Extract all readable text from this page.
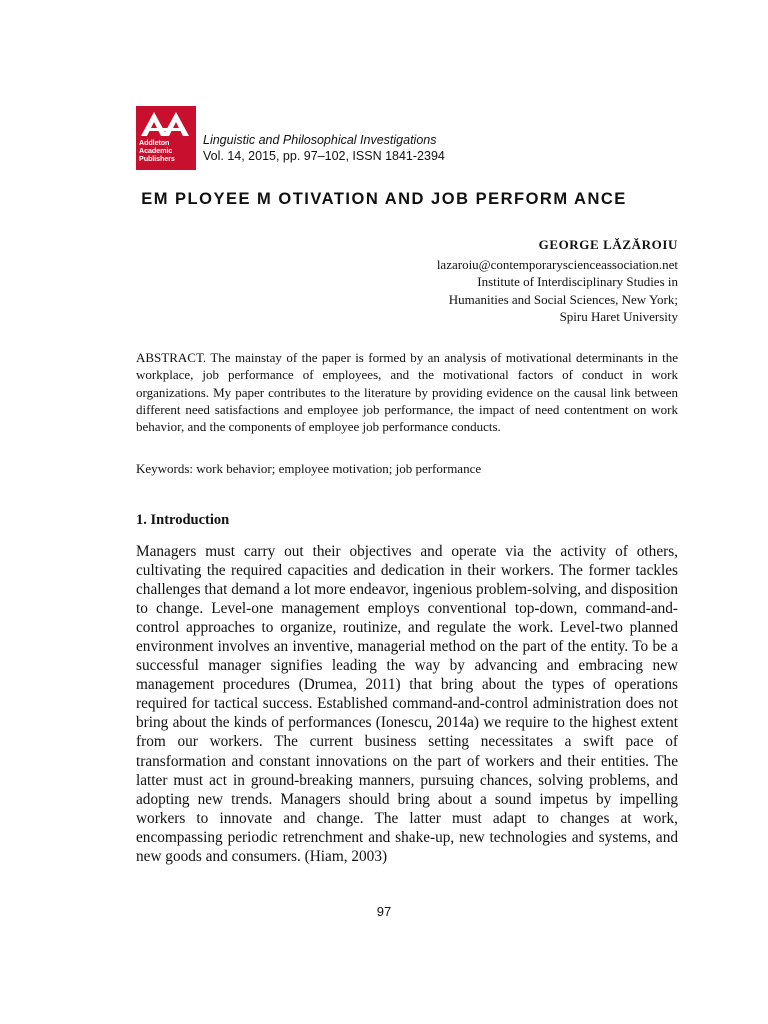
Addleton
Academic
Publishers
Linguistic and Philosophical Investigations
Vol. 14, 2015, pp. 97–102, ISSN 1841-2394
EM PLOYEE M OTIVATION AND JOB PERFORM ANCE
GEORGE LĂZĂROIU
lazaroiu@contemporaryscienceassociation.net
Institute of Interdisciplinary Studies in
Humanities and Social Sciences, New York;
Spiru Haret University
ABSTRACT. The mainstay of the paper is formed by an analysis of motivational determinants in the workplace, job performance of employees, and the motivational factors of conduct in work organizations. My paper contributes to the literature by providing evidence on the causal link between different need satisfactions and employee job performance, the impact of need contentment on work behavior, and the components of employee job performance conducts.
Keywords: work behavior; employee motivation; job performance
1. Introduction
Managers must carry out their objectives and operate via the activity of others, cultivating the required capacities and dedication in their workers. The former tackles challenges that demand a lot more endeavor, ingenious problem-solving, and disposition to change. Level-one management employs conventional top-down, command-and-control approaches to organize, routinize, and regulate the work. Level-two planned environment involves an inventive, managerial method on the part of the entity. To be a successful manager signifies leading the way by advancing and embracing new management procedures (Drumea, 2011) that bring about the types of operations required for tactical success. Established command-and-control administration does not bring about the kinds of performances (Ionescu, 2014a) we require to the highest extent from our workers. The current business setting necessitates a swift pace of transformation and constant innovations on the part of workers and their entities. The latter must act in ground-breaking manners, pursuing chances, solving problems, and adopting new trends. Managers should bring about a sound impetus by impelling workers to innovate and change. The latter must adapt to changes at work, encompassing periodic retrenchment and shake-up, new technologies and systems, and new goods and consumers. (Hiam, 2003)
97
